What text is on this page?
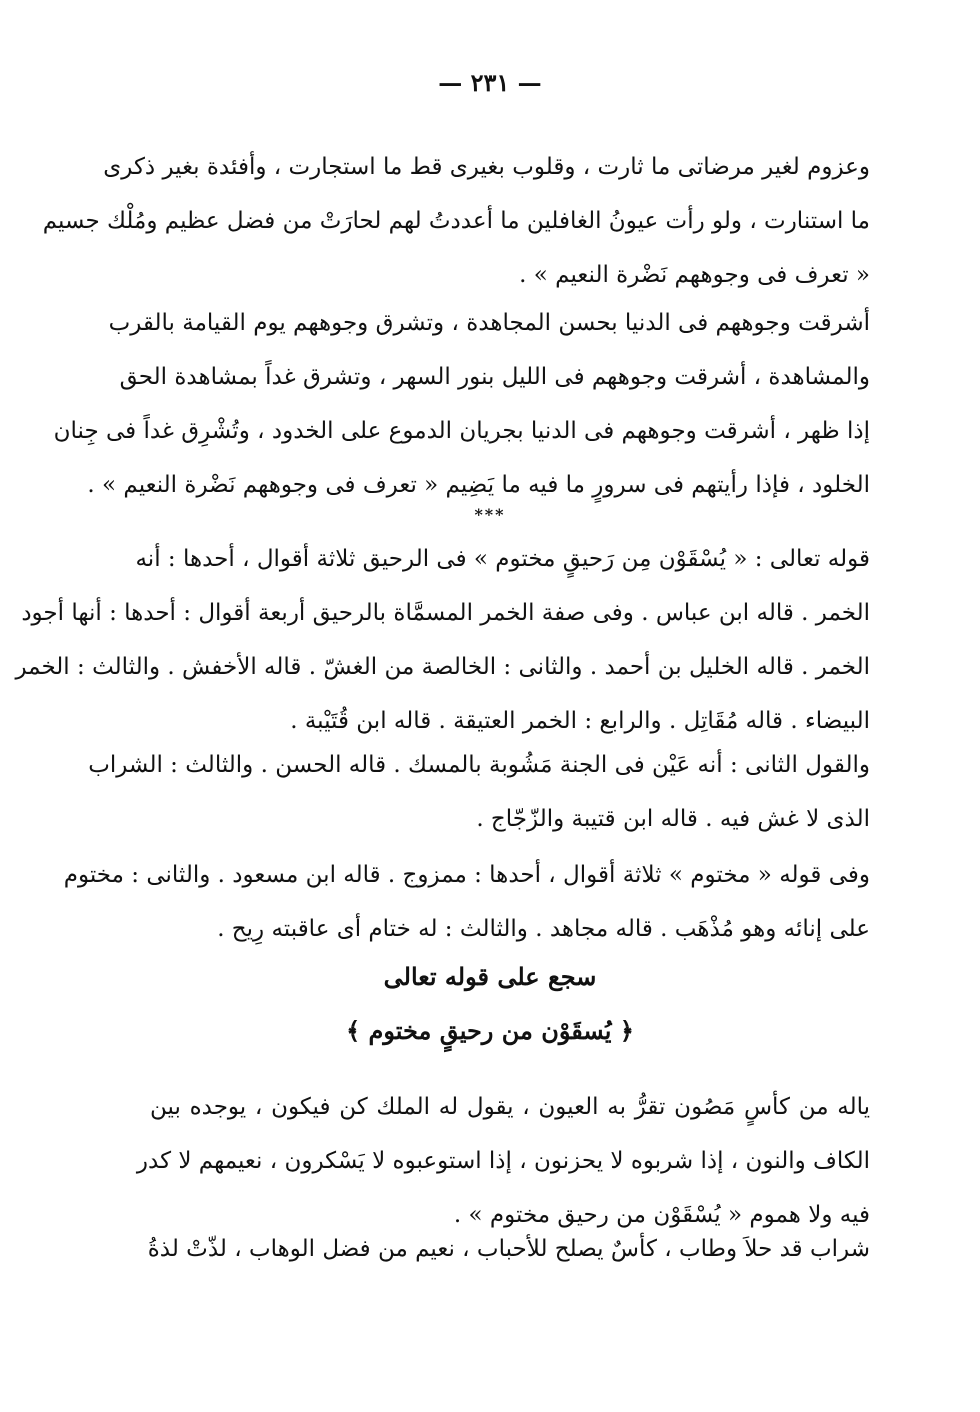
— ٢٣١ —
وعزوم لغير مرضاتى ما ثارت ، وقلوب بغيرى قط ما استجارت ، وأفئدة بغير ذكرى
ما استنارت ، ولو رأت عيونُ الغافلين ما أعددتُ لهم لحارَتْ من فضل عظيم ومُلْك جسيم
« تعرف فى وجوههم نَضْرة النعيم » .
أشرقت وجوههم فى الدنيا بحسن المجاهدة ، وتشرق وجوههم يوم القيامة بالقرب
والمشاهدة ، أشرقت وجوههم فى الليل بنور السهر ، وتشرق غداً بمشاهدة الحق
إذا ظهر ، أشرقت وجوههم فى الدنيا بجريان الدموع على الخدود ، وتُشْرِق غداً فى جِنان
الخلود ، فإذا رأيتهم فى سرورٍ ما فيه ما يَضِيم « تعرف فى وجوههم نَضْرة النعيم » .
***
قوله تعالى : « يُسْقَوْن مِن رَحيقٍ مختوم » فى الرحيق ثلاثة أقوال ، أحدها : أنه
الخمر . قاله ابن عباس . وفى صفة الخمر المسمَّاة بالرحيق أربعة أقوال : أحدها : أنها أجود
الخمر . قاله الخليل بن أحمد . والثانى : الخالصة من الغشّ . قاله الأخفش . والثالث : الخمر
البيضاء . قاله مُقَاتِل . والرابع : الخمر العتيقة . قاله ابن قُتَيْبة .
والقول الثانى : أنه عَيْن فى الجنة مَشُوبة بالمسك . قاله الحسن . والثالث : الشراب
الذى لا غش فيه . قاله ابن قتيبة والزّجّاج .
وفى قوله « مختوم » ثلاثة أقوال ، أحدها : ممزوج . قاله ابن مسعود . والثانى : مختوم
على إنائه وهو مُذْهَب . قاله مجاهد . والثالث : له ختام أى عاقبته رِيح .
سجع على قوله تعالى
﴿ يُسقَوْن من رحيقٍ مختوم ﴾
ياله من كأسٍ مَصُون تقرُّ به العيون ، يقول له الملك كن فيكون ، يوجده بين
الكاف والنون ، إذا شربوه لا يحزنون ، إذا استوعبوه لا يَسْكرون ، نعيمهم لا كدر
فيه ولا هموم « يُسْقَوْن من رحيق مختوم » .
شراب قد حلاَ وطاب ، كأسٌ يصلح للأحباب ، نعيم من فضل الوهاب ، لذّتْ لذةُ
